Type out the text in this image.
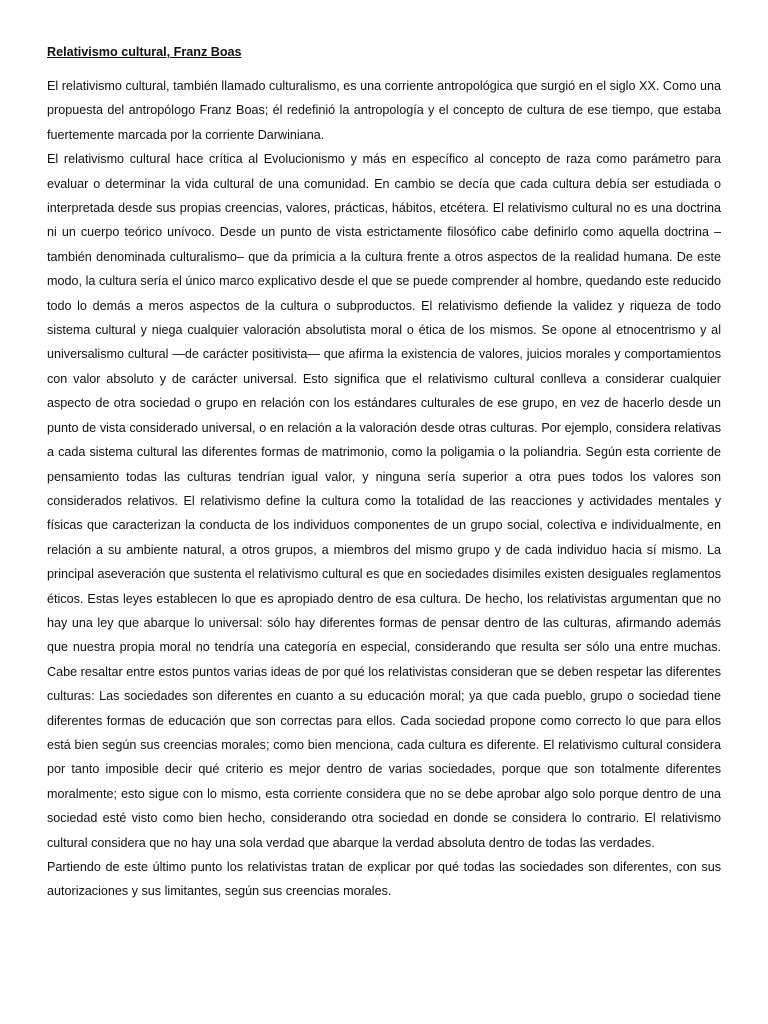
Relativismo cultural, Franz Boas

El relativismo cultural, también llamado culturalismo, es una corriente antropológica que surgió en el siglo XX. Como una propuesta del antropólogo Franz Boas; él redefinió la antropología y el concepto de cultura de ese tiempo, que estaba fuertemente marcada por la corriente Darwiniana.

El relativismo cultural hace crítica al Evolucionismo y más en específico al concepto de raza como parámetro para evaluar o determinar la vida cultural de una comunidad. En cambio se decía que cada cultura debía ser estudiada o interpretada desde sus propias creencias, valores, prácticas, hábitos, etcétera. El relativismo cultural no es una doctrina ni un cuerpo teórico unívoco. Desde un punto de vista estrictamente filosófico cabe definirlo como aquella doctrina –también denominada culturalismo– que da primicia a la cultura frente a otros aspectos de la realidad humana. De este modo, la cultura sería el único marco explicativo desde el que se puede comprender al hombre, quedando este reducido todo lo demás a meros aspectos de la cultura o subproductos. El relativismo defiende la validez y riqueza de todo sistema cultural y niega cualquier valoración absolutista moral o ética de los mismos. Se opone al etnocentrismo y al universalismo cultural —de carácter positivista— que afirma la existencia de valores, juicios morales y comportamientos con valor absoluto y de carácter universal. Esto significa que el relativismo cultural conlleva a considerar cualquier aspecto de otra sociedad o grupo en relación con los estándares culturales de ese grupo, en vez de hacerlo desde un punto de vista considerado universal, o en relación a la valoración desde otras culturas. Por ejemplo, considera relativas a cada sistema cultural las diferentes formas de matrimonio, como la poligamia o la poliandria. Según esta corriente de pensamiento todas las culturas tendrían igual valor, y ninguna sería superior a otra pues todos los valores son considerados relativos. El relativismo define la cultura como la totalidad de las reacciones y actividades mentales y físicas que caracterizan la conducta de los individuos componentes de un grupo social, colectiva e individualmente, en relación a su ambiente natural, a otros grupos, a miembros del mismo grupo y de cada individuo hacia sí mismo. La principal aseveración que sustenta el relativismo cultural es que en sociedades disimiles existen desiguales reglamentos éticos. Estas leyes establecen lo que es apropiado dentro de esa cultura. De hecho, los relativistas argumentan que no hay una ley que abarque lo universal: sólo hay diferentes formas de pensar dentro de las culturas, afirmando además que nuestra propia moral no tendría una categoría en especial, considerando que resulta ser sólo una entre muchas. Cabe resaltar entre estos puntos varias ideas de por qué los relativistas consideran que se deben respetar las diferentes culturas: Las sociedades son diferentes en cuanto a su educación moral; ya que cada pueblo, grupo o sociedad tiene diferentes formas de educación que son correctas para ellos. Cada sociedad propone como correcto lo que para ellos está bien según sus creencias morales; como bien menciona, cada cultura es diferente. El relativismo cultural considera por tanto imposible decir qué criterio es mejor dentro de varias sociedades, porque que son totalmente diferentes moralmente; esto sigue con lo mismo, esta corriente considera que no se debe aprobar algo solo porque dentro de una sociedad esté visto como bien hecho, considerando otra sociedad en donde se considera lo contrario. El relativismo cultural considera que no hay una sola verdad que abarque la verdad absoluta dentro de todas las verdades.

Partiendo de este último punto los relativistas tratan de explicar por qué todas las sociedades son diferentes, con sus autorizaciones y sus limitantes, según sus creencias morales.
